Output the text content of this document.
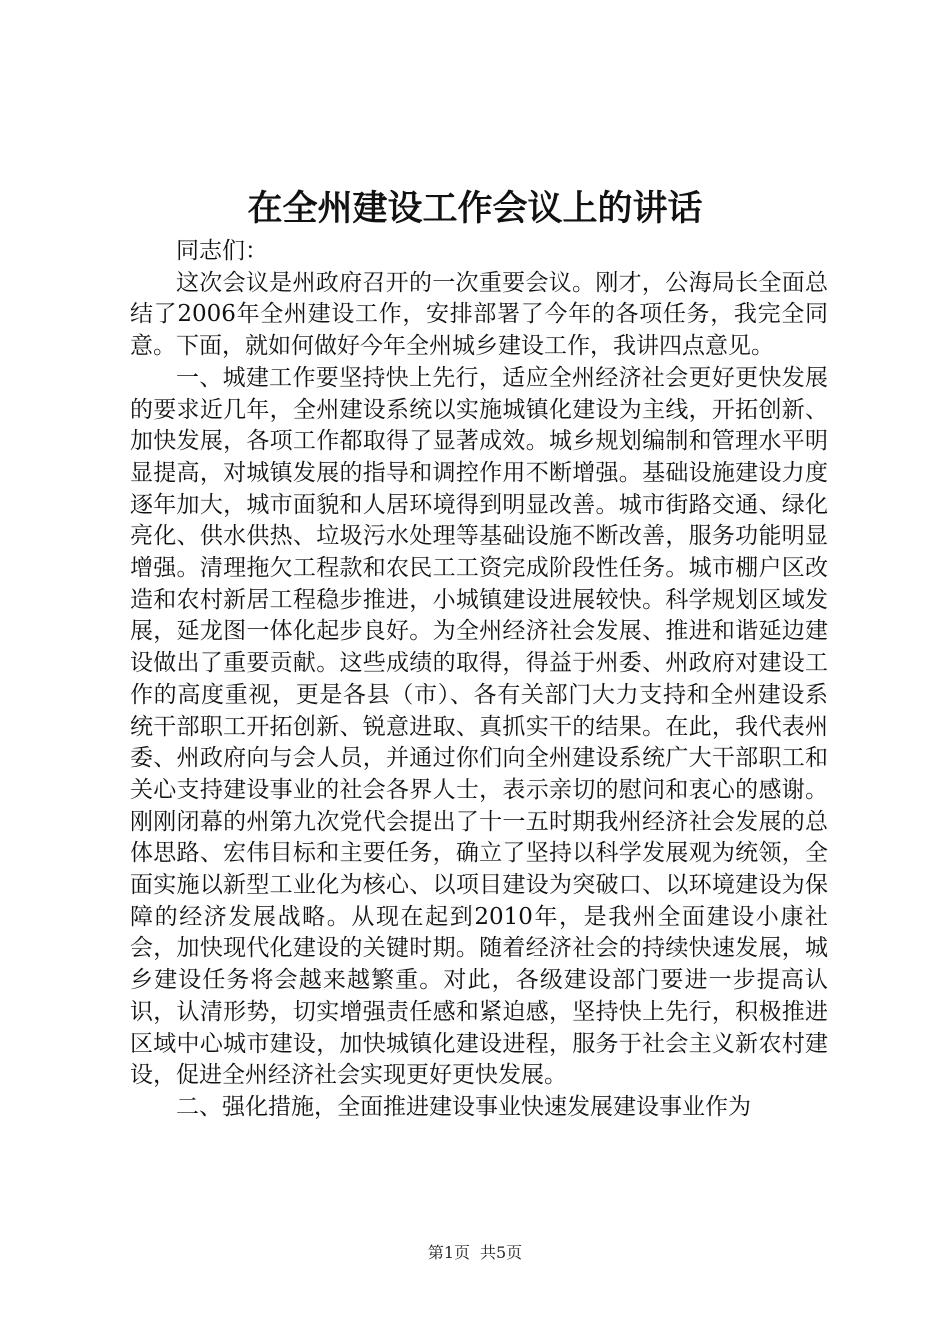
在全州建设工作会议上的讲话

同志们：

这次会议是州政府召开的一次重要会议。刚才，公海局长全面总结了2006年全州建设工作，安排部署了今年的各项任务，我完全同意。下面，就如何做好今年全州城乡建设工作，我讲四点意见。

一、城建工作要坚持快上先行，适应全州经济社会更好更快发展的要求近几年，全州建设系统以实施城镇化建设为主线，开拓创新、加快发展，各项工作都取得了显著成效。城乡规划编制和管理水平明显提高，对城镇发展的指导和调控作用不断增强。基础设施建设力度逐年加大，城市面貌和人居环境得到明显改善。城市街路交通、绿化亮化、供水供热、垃圾污水处理等基础设施不断改善，服务功能明显增强。清理拖欠工程款和农民工工资完成阶段性任务。城市棚户区改造和农村新居工程稳步推进，小城镇建设进展较快。科学规划区域发展，延龙图一体化起步良好。为全州经济社会发展、推进和谐延边建设做出了重要贡献。这些成绩的取得，得益于州委、州政府对建设工作的高度重视，更是各县（市）、各有关部门大力支持和全州建设系统干部职工开拓创新、锐意进取、真抓实干的结果。在此，我代表州委、州政府向与会人员，并通过你们向全州建设系统广大干部职工和关心支持建设事业的社会各界人士，表示亲切的慰问和衷心的感谢。刚刚闭幕的州第九次党代会提出了十一五时期我州经济社会发展的总体思路、宏伟目标和主要任务，确立了坚持以科学发展观为统领，全面实施以新型工业化为核心、以项目建设为突破口、以环境建设为保障的经济发展战略。从现在起到2010年，是我州全面建设小康社会，加快现代化建设的关键时期。随着经济社会的持续快速发展，城乡建设任务将会越来越繁重。对此，各级建设部门要进一步提高认识，认清形势，切实增强责任感和紧迫感，坚持快上先行，积极推进区域中心城市建设，加快城镇化建设进程，服务于社会主义新农村建设，促进全州经济社会实现更好更快发展。

二、强化措施，全面推进建设事业快速发展建设事业作为

第1页 共5页
